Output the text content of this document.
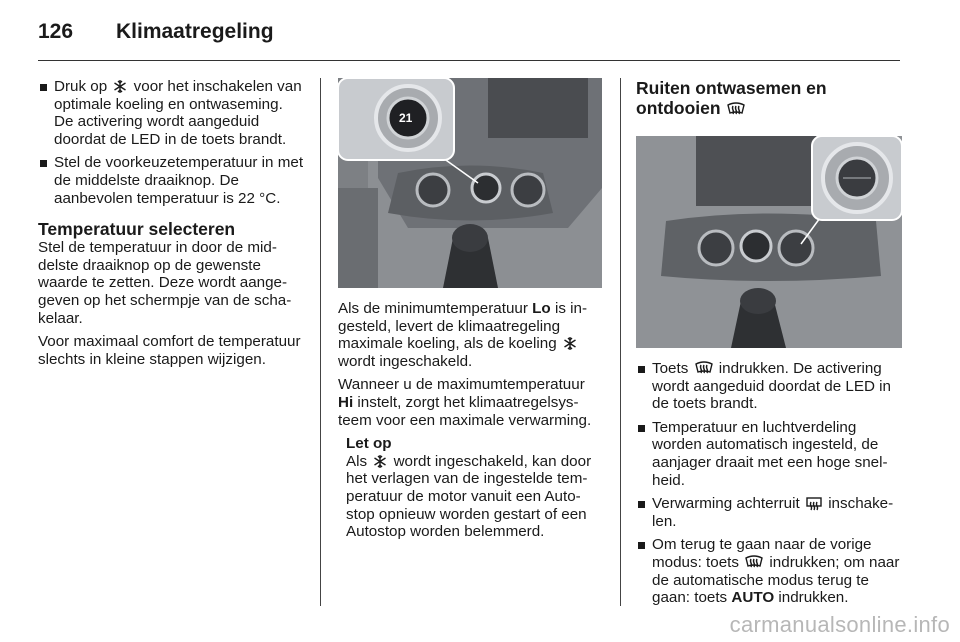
126 Klimaatregeling
Druk op voor het inschakelen van optimale koeling en ontwaseming. De activering wordt aangeduid doordat de LED in de toets brandt.
Stel de voorkeuzetemperatuur in met de middelste draaiknop. De aanbevolen temperatuur is 22 °C.
Temperatuur selecteren

Stel de temperatuur in door de middelste draaiknop op de gewenste waarde te zetten. Deze wordt aangegeven op het schermpje van de schakelaar.

Voor maximaal comfort de temperatuur slechts in kleine stappen wijzigen.

21

Als de minimumtemperatuur Lo is ingesteld, levert de klimaatregeling maximale koeling, als de koeling  wordt ingeschakeld.

Wanneer u de maximumtemperatuur Hi instelt, zorgt het klimaatregelsysteem voor een maximale verwarming.

Let op
Als wordt ingeschakeld, kan door het verlagen van de ingestelde temperatuur de motor vanuit een Auto-stop opnieuw worden gestart of een Autostop worden belemmerd.
Ruiten ontwasemen en
ontdooien
Toets indrukken. De activering wordt aangeduid doordat de LED in de toets brandt.
Temperatuur en luchtverdeling worden automatisch ingesteld, de aanjager draait met een hoge snelheid.
Verwarming achterruit inschakelen.
Om terug te gaan naar de vorige modus: toets indrukken; om naar de automatische modus terug te gaan: toets AUTO indrukken.
carmanualsonline.info
